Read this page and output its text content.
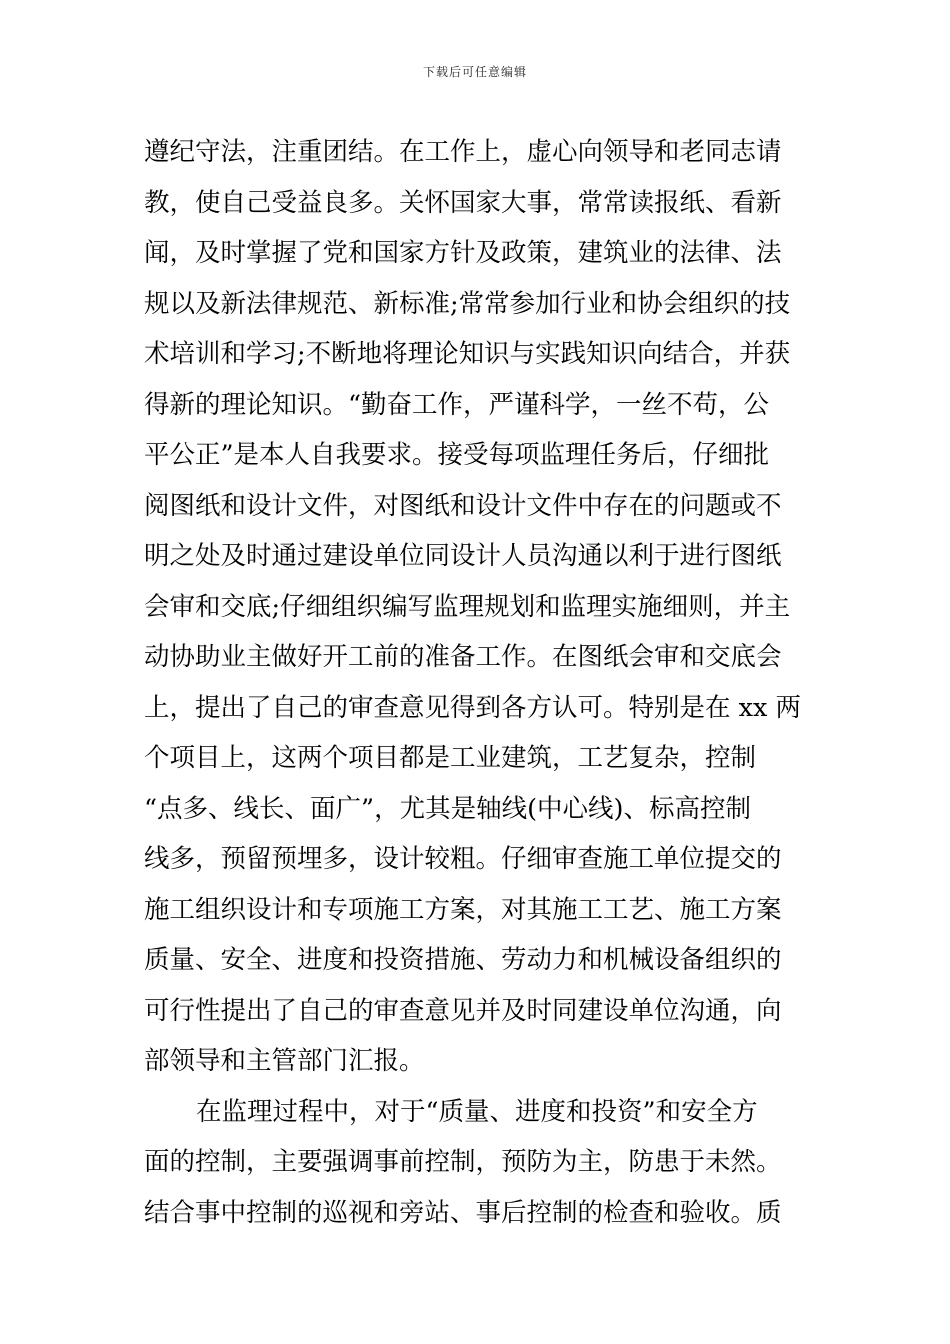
下载后可任意编辑
遵纪守法，注重团结。在工作上，虚心向领导和老同志请
教，使自己受益良多。关怀国家大事，常常读报纸、看新
闻，及时掌握了党和国家方针及政策，建筑业的法律、法
规以及新法律规范、新标准;常常参加行业和协会组织的技
术培训和学习;不断地将理论知识与实践知识向结合，并获
得新的理论知识。“勤奋工作，严谨科学，一丝不苟，公
平公正”是本人自我要求。接受每项监理任务后，仔细批
阅图纸和设计文件，对图纸和设计文件中存在的问题或不
明之处及时通过建设单位同设计人员沟通以利于进行图纸
会审和交底;仔细组织编写监理规划和监理实施细则，并主
动协助业主做好开工前的准备工作。在图纸会审和交底会
上，提出了自己的审查意见得到各方认可。特别是在 xx 两
个项目上，这两个项目都是工业建筑，工艺复杂，控制
“点多、线长、面广”，尤其是轴线(中心线)、标高控制
线多，预留预埋多，设计较粗。仔细审查施工单位提交的
施工组织设计和专项施工方案，对其施工工艺、施工方案
质量、安全、进度和投资措施、劳动力和机械设备组织的
可行性提出了自己的审查意见并及时同建设单位沟通，向
部领导和主管部门汇报。
在监理过程中，对于“质量、进度和投资”和安全方
面的控制，主要强调事前控制，预防为主，防患于未然。
结合事中控制的巡视和旁站、事后控制的检查和验收。质
